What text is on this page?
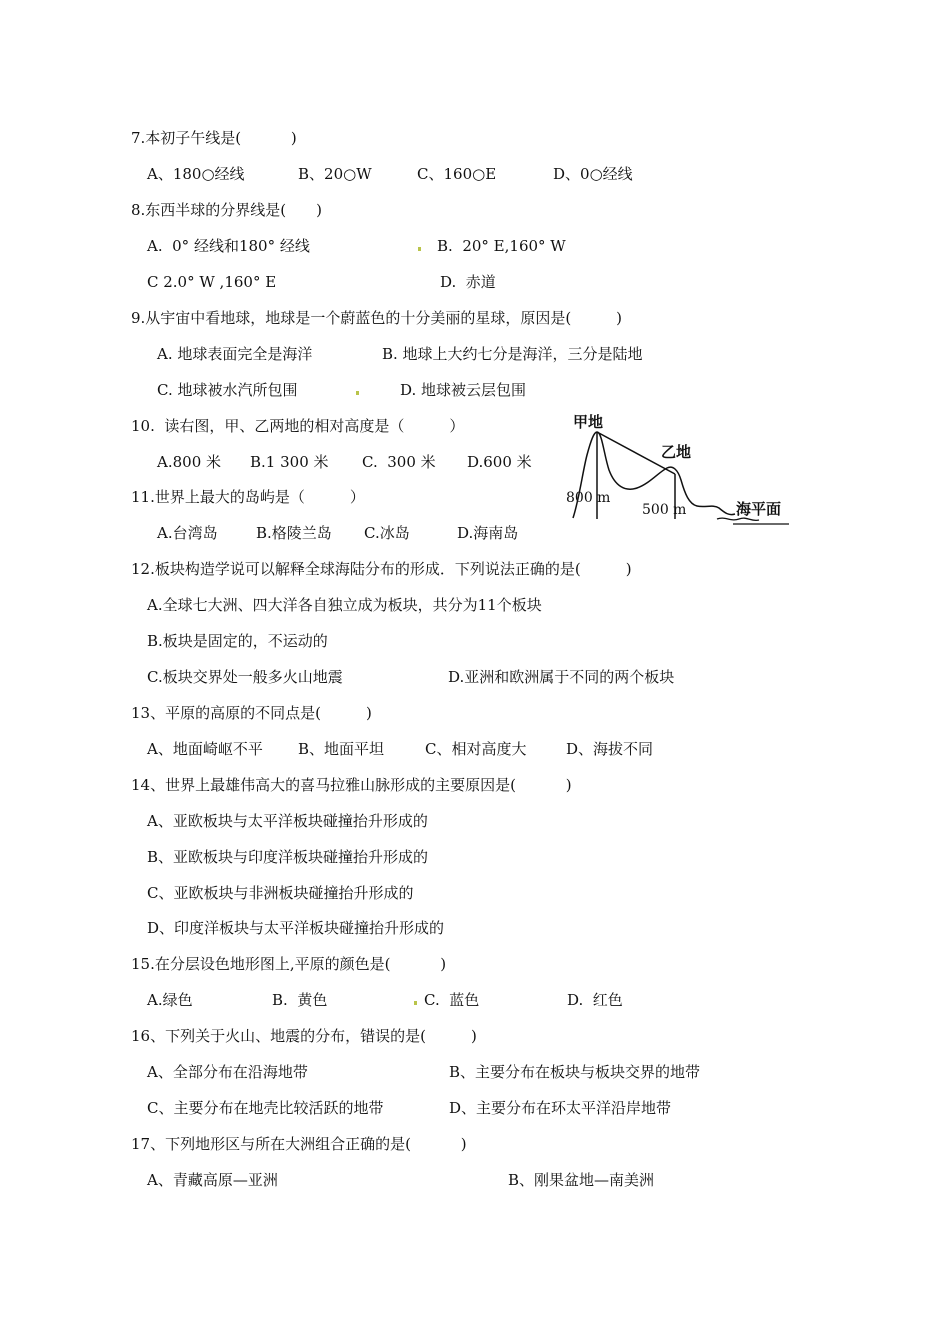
7.本初子午线是(　　　 )
A、180○经线	B、20○W	C、160○E	D、0○经线
8.东西半球的分界线是(　　)
A.  0° 经线和180° 经线	B.  20° E,160° W
C 2.0° W ,160° E	D.  赤道
9.从宇宙中看地球，地球是一个蔚蓝色的十分美丽的星球，原因是(　　　)
A. 地球表面完全是海洋	B. 地球上大约七分是海洋，三分是陆地
C. 地球被水汽所包围	D. 地球被云层包围
10.  读右图，甲、乙两地的相对高度是（　　　）
A.800 米 B.1 300 米 C.  300 米 D.600 米
甲地
乙地
800 m
500 m	海平面
11.世界上最大的岛屿是（　　　）
A.台湾岛	B.格陵兰岛 C.冰岛	D.海南岛
12.板块构造学说可以解释全球海陆分布的形成．下列说法正确的是(　　　)
A.全球七大洲、四大洋各自独立成为板块，共分为11个板块
B.板块是固定的，不运动的
C.板块交界处一般多火山地震	D.亚洲和欧洲属于不同的两个板块
13、平原的高原的不同点是(　　　)
A、地面崎岖不平 B、地面平坦	C、相对高度大	D、海拔不同
14、世界上最雄伟高大的喜马拉雅山脉形成的主要原因是(　　　 )
A、亚欧板块与太平洋板块碰撞抬升形成的
B、亚欧板块与印度洋板块碰撞抬升形成的
C、亚欧板块与非洲板块碰撞抬升形成的
D、印度洋板块与太平洋板块碰撞抬升形成的
15.在分层设色地形图上,平原的颜色是(　　　 )
A.绿色	B.  黄色	C.  蓝色	D.  红色
16、下列关于火山、地震的分布，错误的是(　　　)
A、全部分布在沿海地带	B、主要分布在板块与板块交界的地带
C、主要分布在地壳比较活跃的地带	D、主要分布在环太平洋沿岸地带
17、下列地形区与所在大洲组合正确的是(　　　 )
A、青藏高原—亚洲	B、刚果盆地—南美洲
